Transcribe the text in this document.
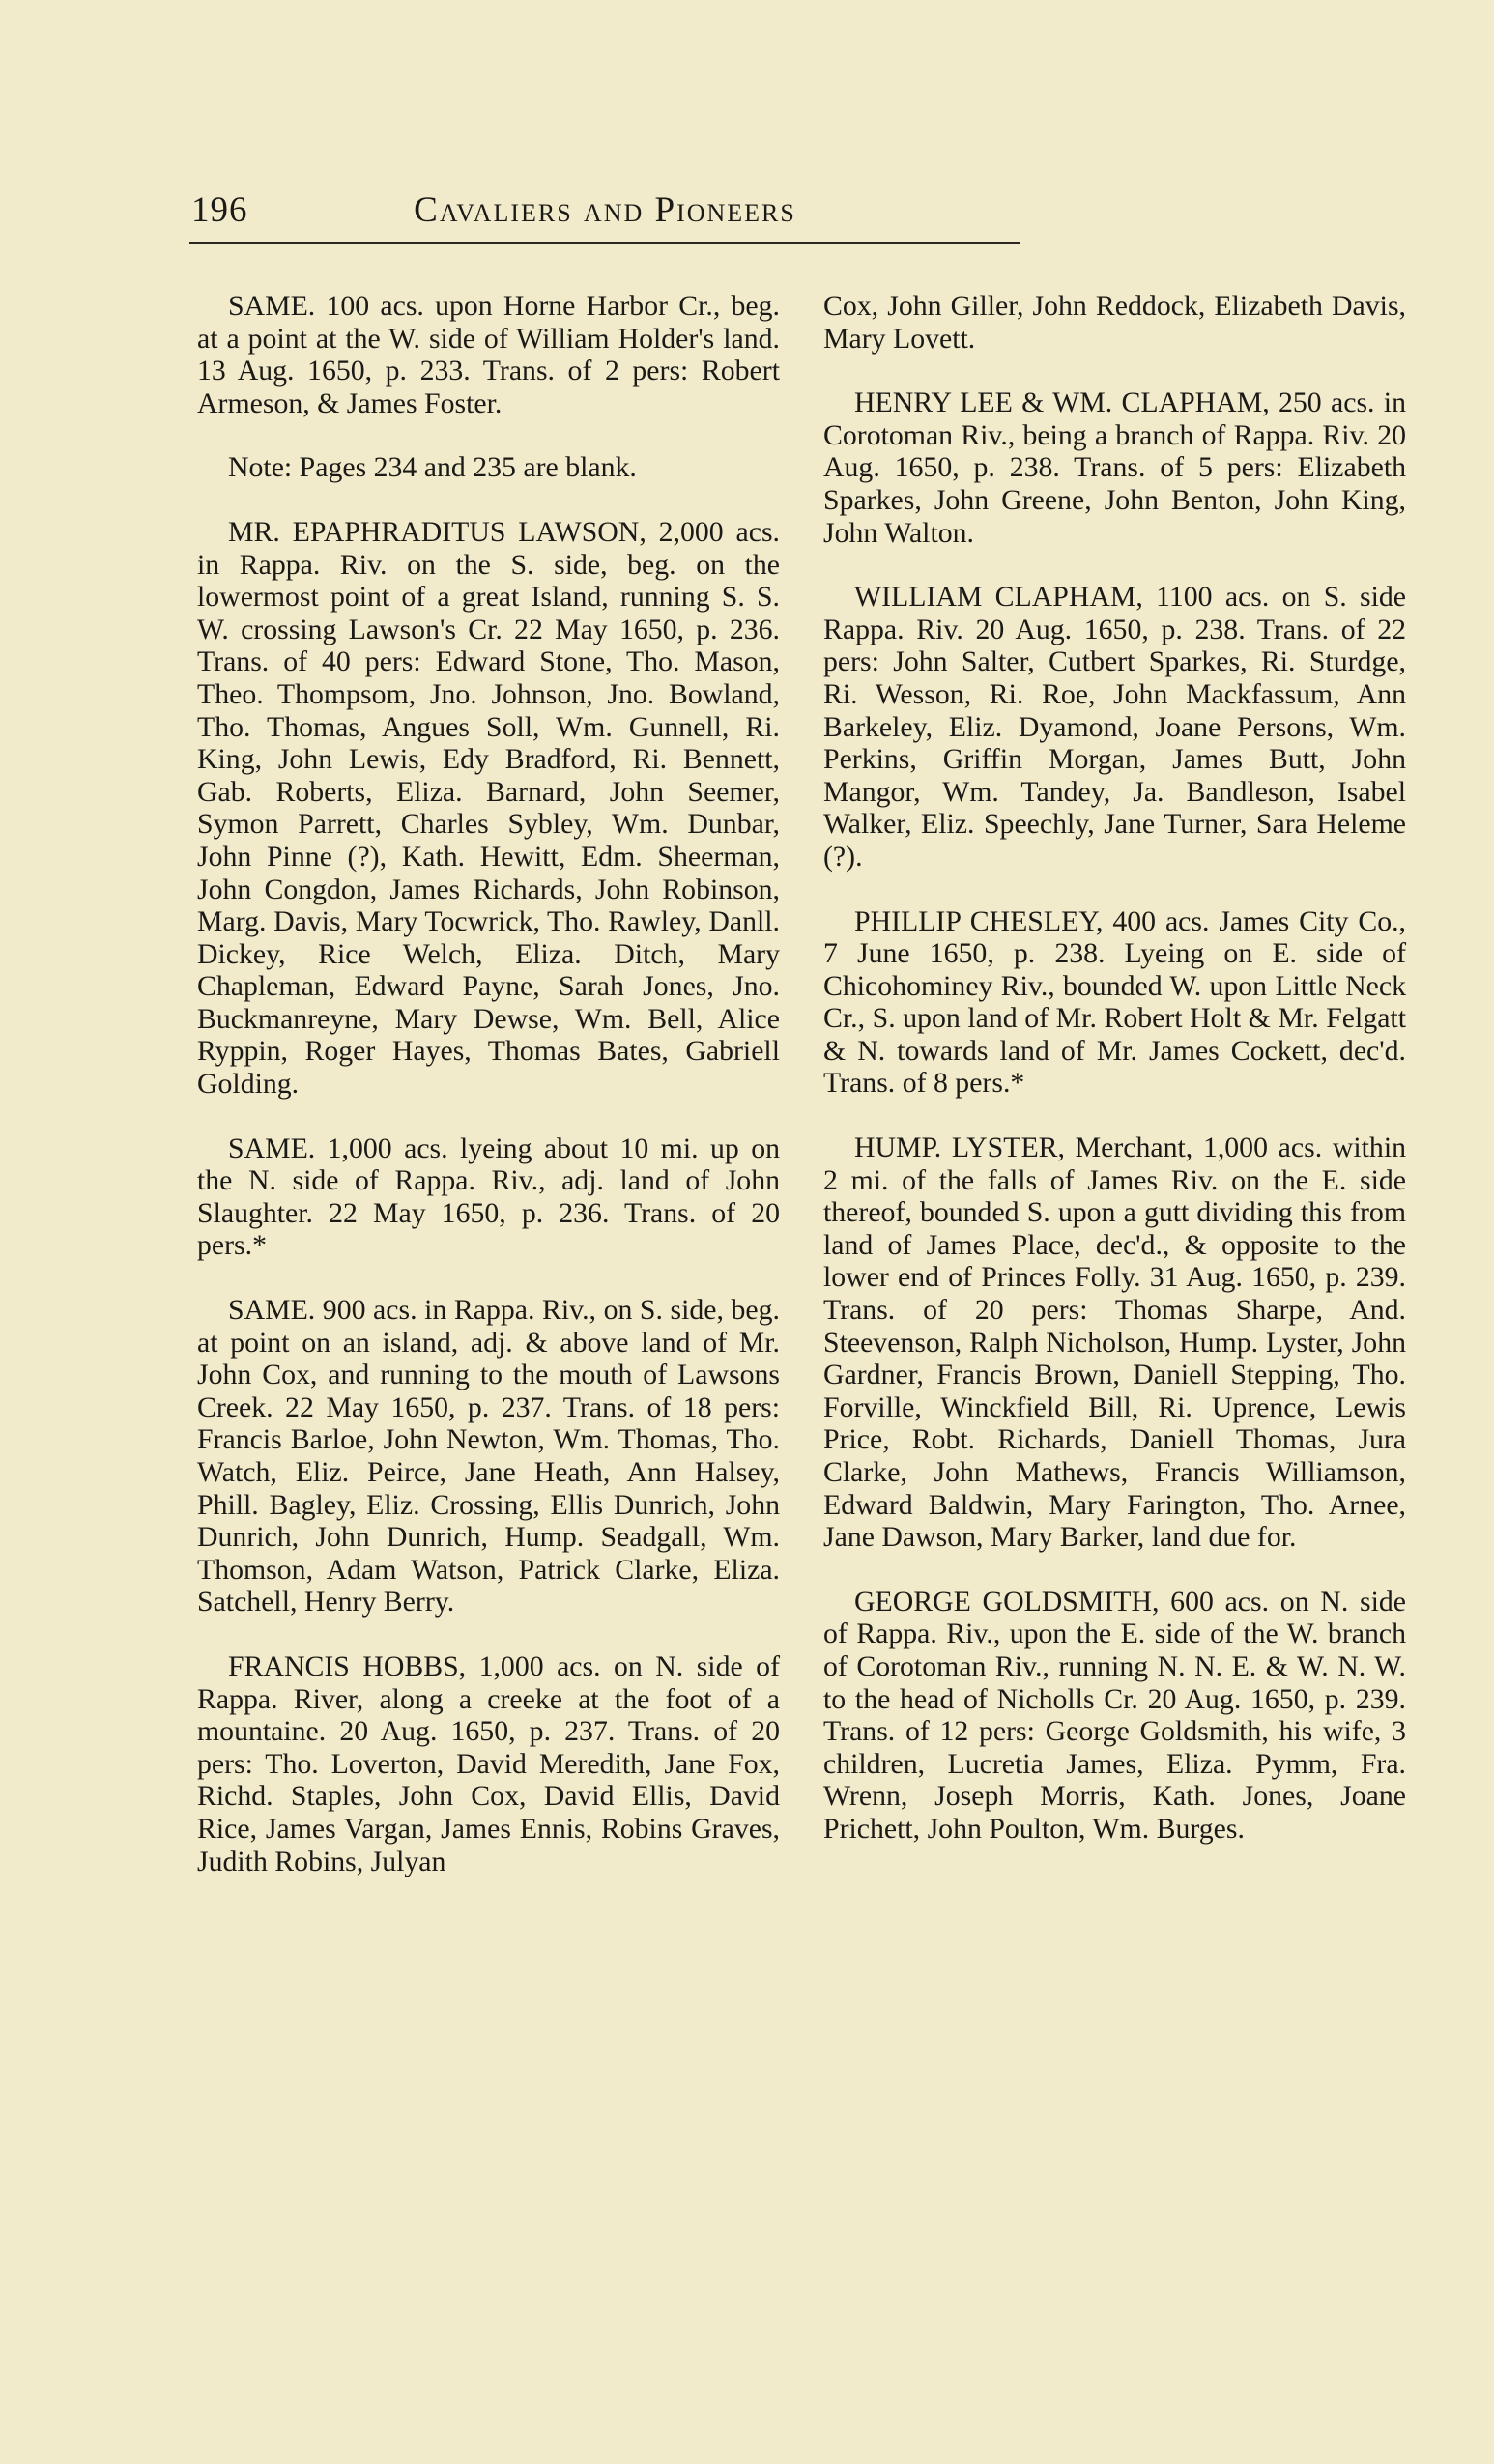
196	Cavaliers and Pioneers

SAME. 100 acs. upon Horne Harbor Cr., beg. at a point at the W. side of William Holder's land. 13 Aug. 1650, p. 233. Trans. of 2 pers: Robert Armeson, & James Foster.

Note: Pages 234 and 235 are blank.

MR. EPAPHRADITUS LAWSON, 2,000 acs. in Rappa. Riv. on the S. side, beg. on the lowermost point of a great Island, running S. S. W. crossing Lawson's Cr. 22 May 1650, p. 236. Trans. of 40 pers: Edward Stone, Tho. Mason, Theo. Thompsom, Jno. Johnson, Jno. Bowland, Tho. Thomas, Angues Soll, Wm. Gunnell, Ri. King, John Lewis, Edy Bradford, Ri. Bennett, Gab. Roberts, Eliza. Barnard, John Seemer, Symon Parrett, Charles Sybley, Wm. Dunbar, John Pinne (?), Kath. Hewitt, Edm. Sheerman, John Congdon, James Richards, John Robinson, Marg. Davis, Mary Tocwrick, Tho. Rawley, Danll. Dickey, Rice Welch, Eliza. Ditch, Mary Chapleman, Edward Payne, Sarah Jones, Jno. Buckmanreyne, Mary Dewse, Wm. Bell, Alice Ryppin, Roger Hayes, Thomas Bates, Gabriell Golding.

SAME. 1,000 acs. lyeing about 10 mi. up on the N. side of Rappa. Riv., adj. land of John Slaughter. 22 May 1650, p. 236. Trans. of 20 pers.*

SAME. 900 acs. in Rappa. Riv., on S. side, beg. at point on an island, adj. & above land of Mr. John Cox, and running to the mouth of Lawsons Creek. 22 May 1650, p. 237. Trans. of 18 pers: Francis Barloe, John Newton, Wm. Thomas, Tho. Watch, Eliz. Peirce, Jane Heath, Ann Halsey, Phill. Bagley, Eliz. Crossing, Ellis Dunrich, John Dunrich, John Dunrich, Hump. Seadgall, Wm. Thomson, Adam Watson, Patrick Clarke, Eliza. Satchell, Henry Berry.

FRANCIS HOBBS, 1,000 acs. on N. side of Rappa. River, along a creeke at the foot of a mountaine. 20 Aug. 1650, p. 237. Trans. of 20 pers: Tho. Loverton, David Meredith, Jane Fox, Richd. Staples, John Cox, David Ellis, David Rice, James Vargan, James Ennis, Robins Graves, Judith Robins, Julyan

Cox, John Giller, John Reddock, Elizabeth Davis, Mary Lovett.

HENRY LEE & WM. CLAPHAM, 250 acs. in Corotoman Riv., being a branch of Rappa. Riv. 20 Aug. 1650, p. 238. Trans. of 5 pers: Elizabeth Sparkes, John Greene, John Benton, John King, John Walton.

WILLIAM CLAPHAM, 1100 acs. on S. side Rappa. Riv. 20 Aug. 1650, p. 238. Trans. of 22 pers: John Salter, Cutbert Sparkes, Ri. Sturdge, Ri. Wesson, Ri. Roe, John Mackfassum, Ann Barkeley, Eliz. Dyamond, Joane Persons, Wm. Perkins, Griffin Morgan, James Butt, John Mangor, Wm. Tandey, Ja. Bandleson, Isabel Walker, Eliz. Speechly, Jane Turner, Sara Heleme (?).

PHILLIP CHESLEY, 400 acs. James City Co., 7 June 1650, p. 238. Lyeing on E. side of Chicohominey Riv., bounded W. upon Little Neck Cr., S. upon land of Mr. Robert Holt & Mr. Felgatt & N. towards land of Mr. James Cockett, dec'd. Trans. of 8 pers.*

HUMP. LYSTER, Merchant, 1,000 acs. within 2 mi. of the falls of James Riv. on the E. side thereof, bounded S. upon a gutt dividing this from land of James Place, dec'd., & opposite to the lower end of Princes Folly. 31 Aug. 1650, p. 239. Trans. of 20 pers: Thomas Sharpe, And. Steevenson, Ralph Nicholson, Hump. Lyster, John Gardner, Francis Brown, Daniell Stepping, Tho. Forville, Winckfield Bill, Ri. Uprence, Lewis Price, Robt. Richards, Daniell Thomas, Jura Clarke, John Mathews, Francis Williamson, Edward Baldwin, Mary Farington, Tho. Arnee, Jane Dawson, Mary Barker, land due for.

GEORGE GOLDSMITH, 600 acs. on N. side of Rappa. Riv., upon the E. side of the W. branch of Corotoman Riv., running N. N. E. & W. N. W. to the head of Nicholls Cr. 20 Aug. 1650, p. 239. Trans. of 12 pers: George Goldsmith, his wife, 3 children, Lucretia James, Eliza. Pymm, Fra. Wrenn, Joseph Morris, Kath. Jones, Joane Prichett, John Poulton, Wm. Burges.
